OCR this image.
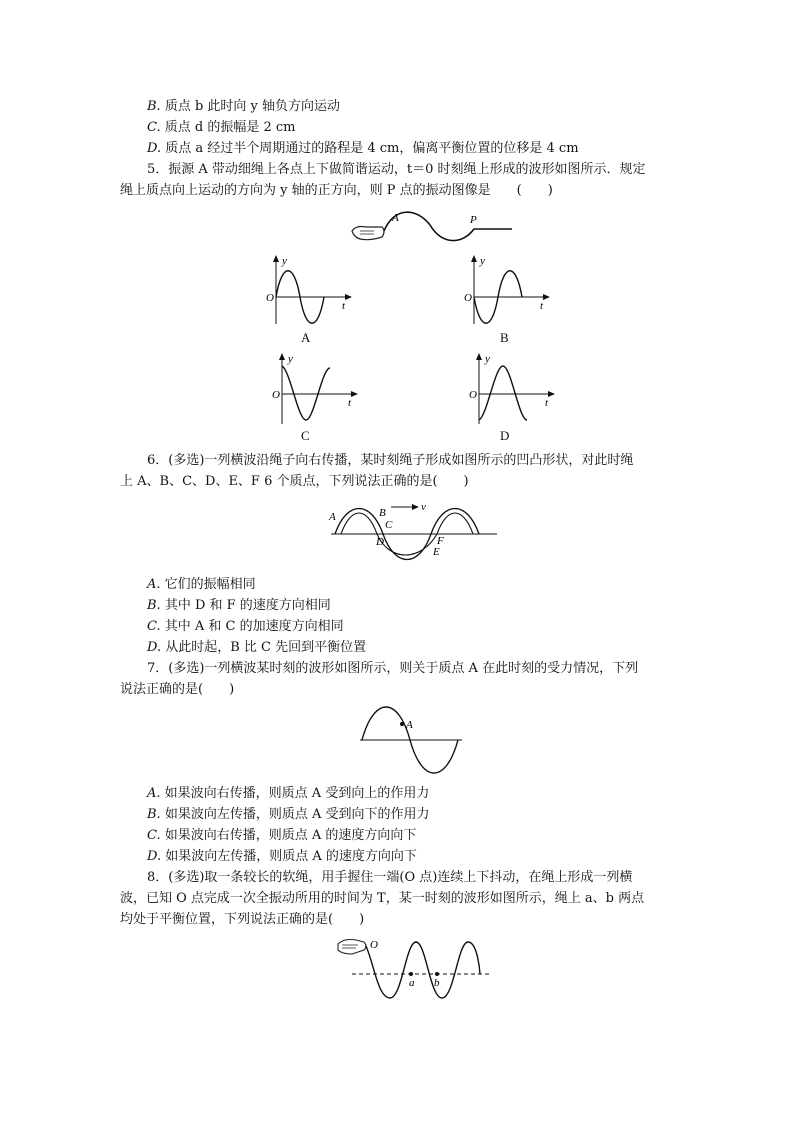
B. 质点 b 此时向 y 轴负方向运动
C. 质点 d 的振幅是 2 cm
D. 质点 a 经过半个周期通过的路程是 4 cm，偏离平衡位置的位移是 4 cm
5．振源 A 带动细绳上各点上下做简谐运动，t＝0 时刻绳上形成的波形如图所示．规定
绳上质点向上运动的方向为 y 轴的正方向，则 P 点的振动图像是　　(　　)
A	P
y
O
t
A
y
O
t
B
y
O
t
C
y
O
t
D
6．(多选)一列横波沿绳子向右传播，某时刻绳子形成如图所示的凹凸形状，对此时绳
上 A、B、C、D、E、F 6 个质点，下列说法正确的是(　　)
v
A	B
C
D
E
F
A. 它们的振幅相同
B. 其中 D 和 F 的速度方向相同
C. 其中 A 和 C 的加速度方向相同
D. 从此时起，B 比 C 先回到平衡位置
7．(多选)一列横波某时刻的波形如图所示，则关于质点 A 在此时刻的受力情况，下列
说法正确的是(　　)
A
A. 如果波向右传播，则质点 A 受到向上的作用力
B. 如果波向左传播，则质点 A 受到向下的作用力
C. 如果波向右传播，则质点 A 的速度方向向下
D. 如果波向左传播，则质点 A 的速度方向向下
8．(多选)取一条较长的软绳，用手握住一端(O 点)连续上下抖动，在绳上形成一列横
波，已知 O 点完成一次全振动所用的时间为 T，某一时刻的波形如图所示，绳上 a、b 两点
均处于平衡位置，下列说法正确的是(　　)
O
a b
